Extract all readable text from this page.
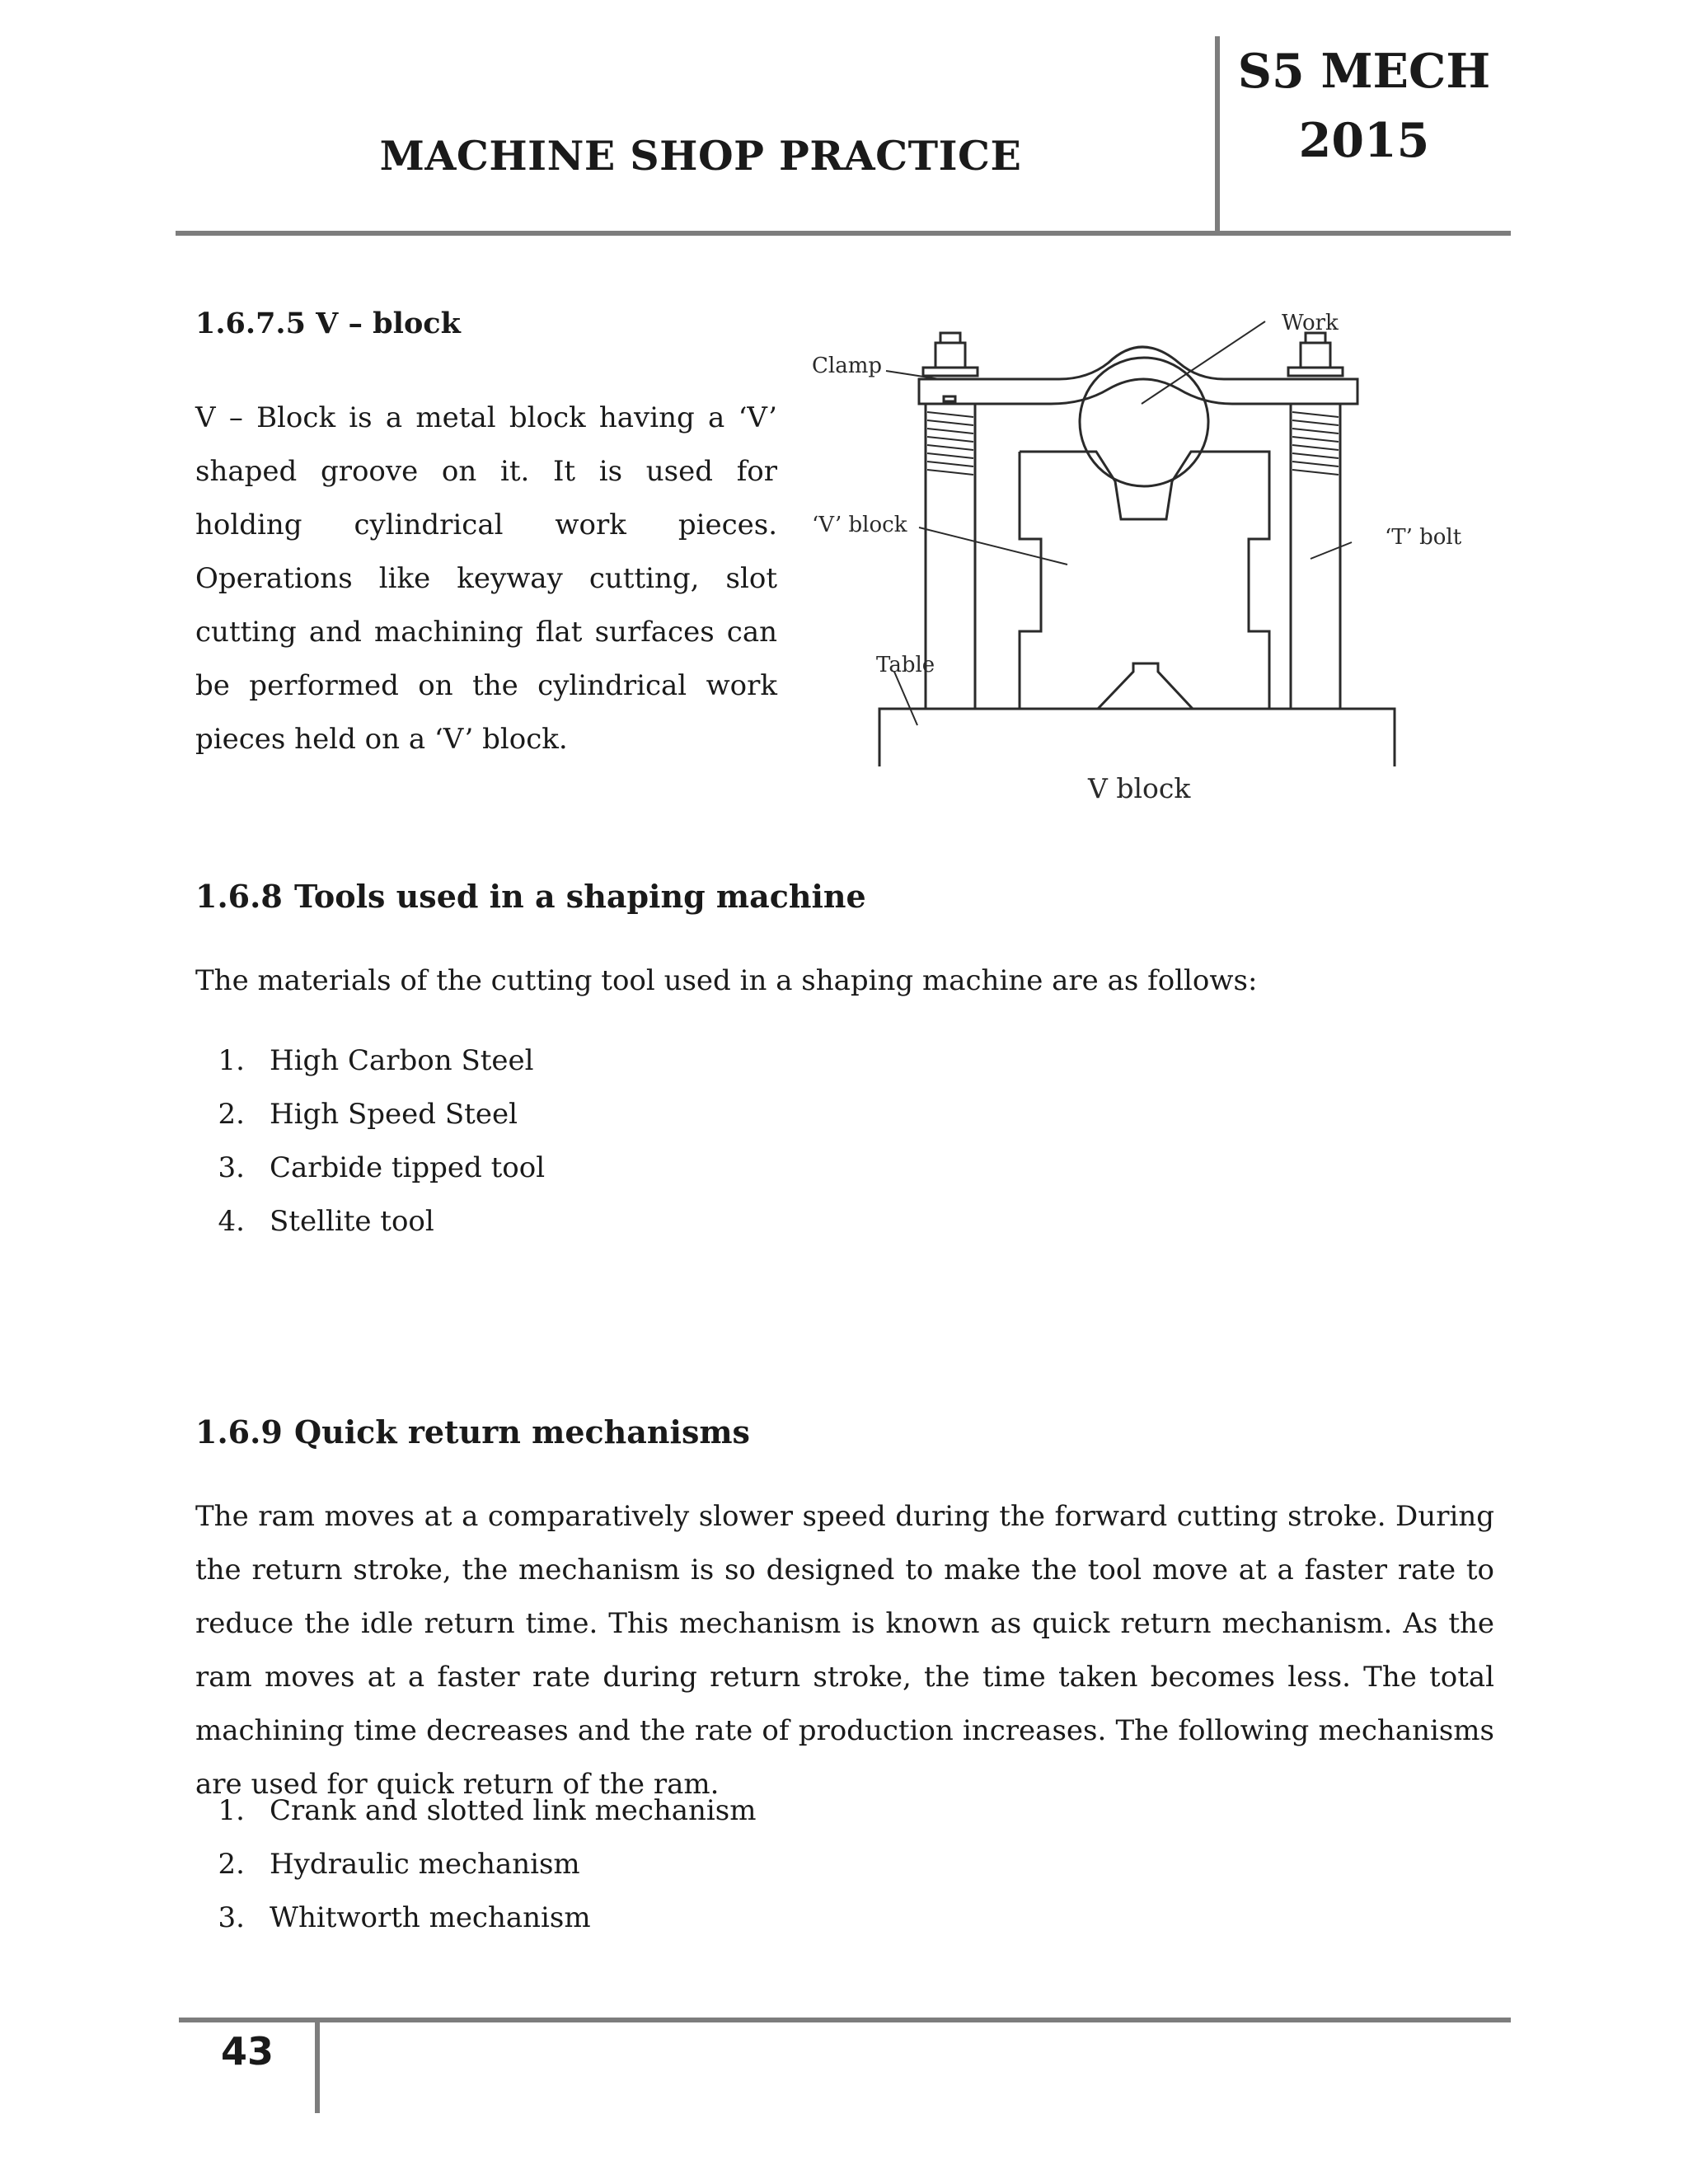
MACHINE SHOP PRACTICE
S5 MECH
2015
1.6.7.5 V – block
V – Block is a metal block having a ‘V’ shaped groove on it. It is used for holding cylindrical work pieces. Operations like keyway cutting, slot cutting and machining flat surfaces can be performed on the cylindrical work pieces held on a ‘V’ block.
Work
Clamp
‘V’ block	‘T’ bolt
Table
V block
1.6.8 Tools used in a shaping machine
The materials of the cutting tool used in a shaping machine are as follows:
1. High Carbon Steel
2. High Speed Steel
3. Carbide tipped tool
4. Stellite tool
1.6.9 Quick return mechanisms
The ram moves at a comparatively slower speed during the forward cutting stroke. During the return stroke, the mechanism is so designed to make the tool move at a faster rate to reduce the idle return time. This mechanism is known as quick return mechanism. As the ram moves at a faster rate during return stroke, the time taken becomes less. The total machining time decreases and the rate of production increases. The following mechanisms are used for quick return of the ram.
1. Crank and slotted link mechanism
2. Hydraulic mechanism
3. Whitworth mechanism
43
